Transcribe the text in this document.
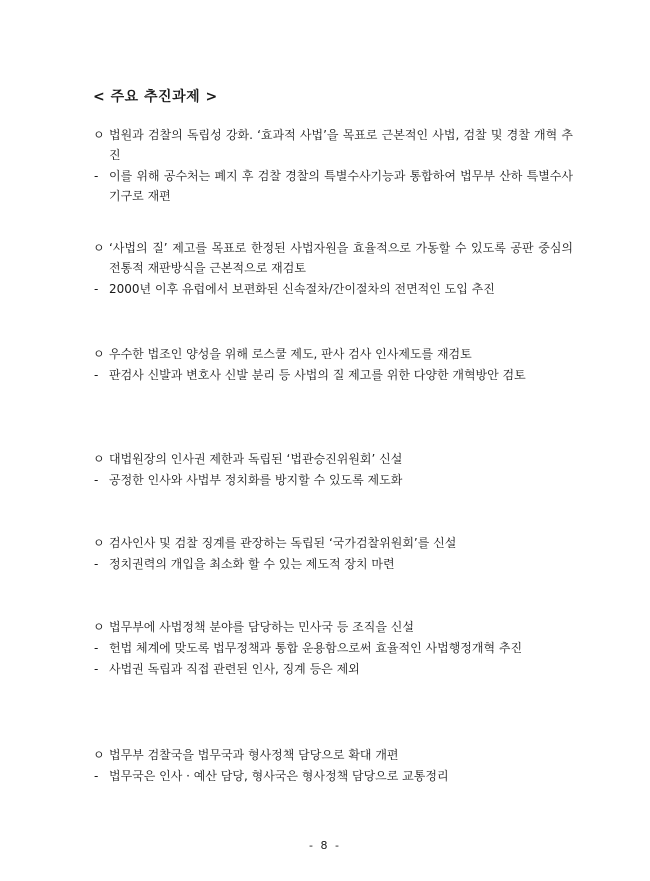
< 주요 추진과제 >
ㅇ 법원과 검찰의 독립성 강화. ‘효과적 사법’을 목표로 근본적인 사법, 검찰 및 경찰 개혁 추진
- 이를 위해 공수처는 폐지 후 검찰 경찰의 특별수사기능과 통합하여 법무부 산하 특별수사기구로 재편
ㅇ ‘사법의 질’ 제고를 목표로 한정된 사법자원을 효율적으로 가동할 수 있도록 공판 중심의 전통적 재판방식을 근본적으로 재검토
- 2000년 이후 유럽에서 보편화된 신속절차/간이절차의 전면적인 도입 추진
ㅇ 우수한 법조인 양성을 위해 로스쿨 제도, 판사 검사 인사제도를 재검토
- 판검사 신발과 변호사 신발 분리 등 사법의 질 제고를 위한 다양한 개혁방안 검토
ㅇ 대법원장의 인사권 제한과 독립된 ‘법관승진위원회’ 신설
- 공정한 인사와 사법부 정치화를 방지할 수 있도록 제도화
ㅇ 검사인사 및 검찰 징계를 관장하는 독립된 ‘국가검찰위원회’를 신설
- 정치권력의 개입을 최소화 할 수 있는 제도적 장치 마련
ㅇ 법무부에 사법정책 분야를 담당하는 민사국 등 조직을 신설
- 헌법 체계에 맞도록 법무정책과 통합 운용함으로써 효율적인 사법행정개혁 추진
- 사법권 독립과 직접 관련된 인사, 징계 등은 제외
ㅇ 법무부 검찰국을 법무국과 형사정책 담당으로 확대 개편
- 법무국은 인사 · 예산 담당, 형사국은 형사정책 담당으로 교통정리
- 8 -
